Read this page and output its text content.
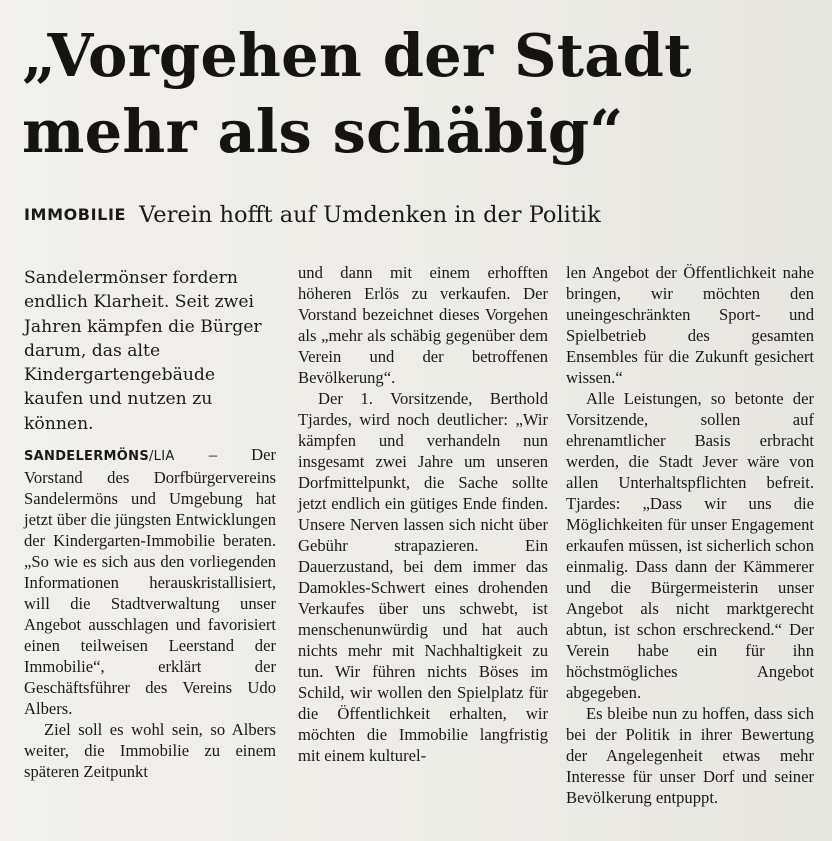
„Vorgehen der Stadt
mehr als schäbig“
IMMOBILIE Verein hofft auf Umdenken in der Politik

Sandelermönser fordern endlich Klarheit. Seit zwei Jahren kämpfen die Bürger darum, das alte Kindergartengebäude kaufen und nutzen zu können.

SANDELERMÖNS/LIA – Der Vorstand des Dorfbürgervereins Sandelermöns und Umgebung hat jetzt über die jüngsten Entwicklungen der Kindergarten-Immobilie beraten. „So wie es sich aus den vorliegenden Informationen herauskristallisiert, will die Stadtverwaltung unser Angebot ausschlagen und favorisiert einen teilweisen Leerstand der Immobilie“, erklärt der Geschäftsführer des Vereins Udo Albers.

Ziel soll es wohl sein, so Albers weiter, die Immobilie zu einem späteren Zeitpunkt

und dann mit einem erhofften höheren Erlös zu verkaufen. Der Vorstand bezeichnet dieses Vorgehen als „mehr als schäbig gegenüber dem Verein und der betroffenen Bevölkerung“.

Der 1. Vorsitzende, Berthold Tjardes, wird noch deutlicher: „Wir kämpfen und verhandeln nun insgesamt zwei Jahre um unseren Dorfmittelpunkt, die Sache sollte jetzt endlich ein gütiges Ende finden. Unsere Nerven lassen sich nicht über Gebühr strapazieren. Ein Dauerzustand, bei dem immer das Damokles-Schwert eines drohenden Verkaufes über uns schwebt, ist menschenunwürdig und hat auch nichts mehr mit Nachhaltigkeit zu tun. Wir führen nichts Böses im Schild, wir wollen den Spielplatz für die Öffentlichkeit erhalten, wir möchten die Immobilie langfristig mit einem kulturel-

len Angebot der Öffentlichkeit nahe bringen, wir möchten den uneingeschränkten Sport- und Spielbetrieb des gesamten Ensembles für die Zukunft gesichert wissen.“

Alle Leistungen, so betonte der Vorsitzende, sollen auf ehrenamtlicher Basis erbracht werden, die Stadt Jever wäre von allen Unterhaltspflichten befreit. Tjardes: „Dass wir uns die Möglichkeiten für unser Engagement erkaufen müssen, ist sicherlich schon einmalig. Dass dann der Kämmerer und die Bürgermeisterin unser Angebot als nicht marktgerecht abtun, ist schon erschreckend.“ Der Verein habe ein für ihn höchstmögliches Angebot abgegeben.

Es bleibe nun zu hoffen, dass sich bei der Politik in ihrer Bewertung der Angelegenheit etwas mehr Interesse für unser Dorf und seiner Bevölkerung entpuppt.
